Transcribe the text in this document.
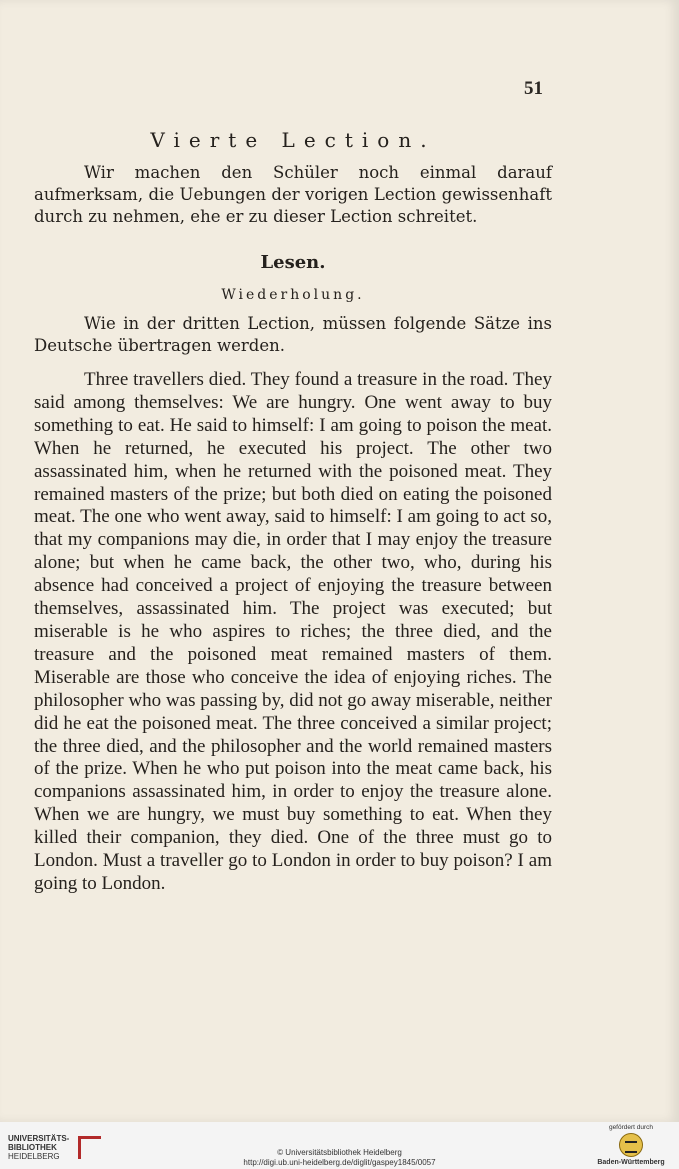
51
Vierte Lection.

Wir machen den Schüler noch einmal darauf aufmerksam, die Uebungen der vorigen Lection gewissenhaft durch zu nehmen, ehe er zu dieser Lection schreitet.

Lesen.
Wiederholung.

Wie in der dritten Lection, müssen folgende Sätze ins Deutsche übertragen werden.

Three travellers died. They found a treasure in the road. They said among themselves: We are hungry. One went away to buy something to eat. He said to himself: I am going to poison the meat. When he returned, he executed his project. The other two assassinated him, when he returned with the poisoned meat. They remained masters of the prize; but both died on eating the poisoned meat. The one who went away, said to himself: I am going to act so, that my companions may die, in order that I may enjoy the treasure alone; but when he came back, the other two, who, during his absence had conceived a project of enjoying the treasure between themselves, assassinated him. The project was executed; but miserable is he who aspires to riches; the three died, and the treasure and the poisoned meat remained masters of them. Miserable are those who conceive the idea of enjoying riches. The philosopher who was passing by, did not go away miserable, neither did he eat the poisoned meat. The three conceived a similar project; the three died, and the philosopher and the world remained masters of the prize. When he who put poison into the meat came back, his companions assassinated him, in order to enjoy the treasure alone. When we are hungry, we must buy something to eat. When they killed their companion, they died. One of the three must go to London. Must a traveller go to London in order to buy poison? I am going to London.

UNIVERSITÄTS-
BIBLIOTHEK
HEIDELBERG	© Universitätsbibliothek Heidelberg
http://digi.ub.uni-heidelberg.de/diglit/gaspey1845/0057
gefördert durch
Baden-Württemberg
